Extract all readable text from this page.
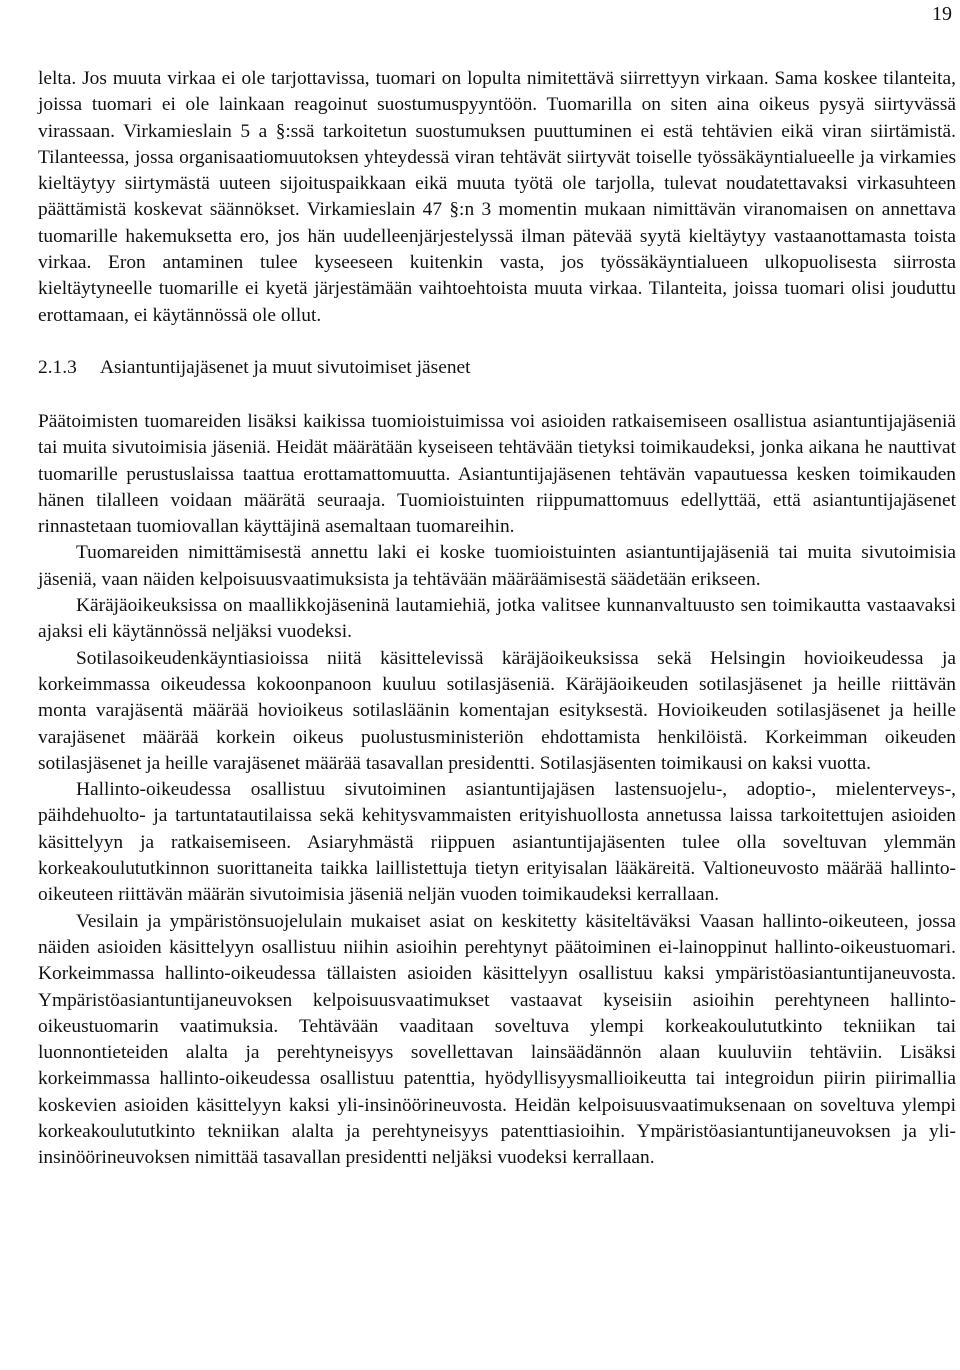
19

lelta. Jos muuta virkaa ei ole tarjottavissa, tuomari on lopulta nimitettävä siirrettyyn virkaan. Sama koskee tilanteita, joissa tuomari ei ole lainkaan reagoinut suostumuspyyntöön. Tuomarilla on siten aina oikeus pysyä siirtyvässä virassaan. Virkamieslain 5 a §:ssä tarkoitetun suostumuksen puuttuminen ei estä tehtävien eikä viran siirtämistä. Tilanteessa, jossa organisaatiomuutoksen yhteydessä viran tehtävät siirtyvät toiselle työssäkäyntialueelle ja virkamies kieltäytyy siirtymästä uuteen sijoituspaikkaan eikä muuta työtä ole tarjolla, tulevat noudatettavaksi virkasuhteen päättämistä koskevat säännökset. Virkamieslain 47 §:n 3 momentin mukaan nimittävän viranomaisen on annettava tuomarille hakemuksetta ero, jos hän uudelleenjärjestelyssä ilman pätevää syytä kieltäytyy vastaanottamasta toista virkaa. Eron antaminen tulee kyseeseen kuitenkin vasta, jos työssäkäyntialueen ulkopuolisesta siirrosta kieltäytyneelle tuomarille ei kyetä järjestämään vaihtoehtoista muuta virkaa. Tilanteita, joissa tuomari olisi jouduttu erottamaan, ei käytännössä ole ollut.

2.1.3	Asiantuntijajäsenet ja muut sivutoimiset jäsenet

Päätoimisten tuomareiden lisäksi kaikissa tuomioistuimissa voi asioiden ratkaisemiseen osallistua asiantuntijajäseniä tai muita sivutoimisia jäseniä. Heidät määrätään kyseiseen tehtävään tietyksi toimikaudeksi, jonka aikana he nauttivat tuomarille perustuslaissa taattua erottamattomuutta. Asiantuntijajäsenen tehtävän vapautuessa kesken toimikauden hänen tilalleen voidaan määrätä seuraaja. Tuomioistuinten riippumattomuus edellyttää, että asiantuntijajäsenet rinnastetaan tuomiovallan käyttäjinä asemaltaan tuomareihin.

Tuomareiden nimittämisestä annettu laki ei koske tuomioistuinten asiantuntijajäseniä tai muita sivutoimisia jäseniä, vaan näiden kelpoisuusvaatimuksista ja tehtävään määräämisestä säädetään erikseen.

Käräjäoikeuksissa on maallikkojäseninä lautamiehiä, jotka valitsee kunnanvaltuusto sen toimikautta vastaavaksi ajaksi eli käytännössä neljäksi vuodeksi.

Sotilasoikeudenkäyntiasioissa niitä käsittelevissä käräjäoikeuksissa sekä Helsingin hovioikeudessa ja korkeimmassa oikeudessa kokoonpanoon kuuluu sotilasjäseniä. Käräjäoikeuden sotilasjäsenet ja heille riittävän monta varajäsentä määrää hovioikeus sotilasläänin komentajan esityksestä. Hovioikeuden sotilasjäsenet ja heille varajäsenet määrää korkein oikeus puolustusministeriön ehdottamista henkilöistä. Korkeimman oikeuden sotilasjäsenet ja heille varajäsenet määrää tasavallan presidentti. Sotilasjäsenten toimikausi on kaksi vuotta.

Hallinto-oikeudessa osallistuu sivutoiminen asiantuntijajäsen lastensuojelu-, adoptio-, mielenterveys-, päihdehuolto- ja tartuntatautilaissa sekä kehitysvammaisten erityishuollosta annetussa laissa tarkoitettujen asioiden käsittelyyn ja ratkaisemiseen. Asiaryhmästä riippuen asiantuntijajäsenten tulee olla soveltuvan ylemmän korkeakoulututkinnon suorittaneita taikka laillistettuja tietyn erityisalan lääkäreitä. Valtioneuvosto määrää hallinto-oikeuteen riittävän määrän sivutoimisia jäseniä neljän vuoden toimikaudeksi kerrallaan.

Vesilain ja ympäristönsuojelulain mukaiset asiat on keskitetty käsiteltäväksi Vaasan hallinto-oikeuteen, jossa näiden asioiden käsittelyyn osallistuu niihin asioihin perehtynyt päätoiminen ei-lainoppinut hallinto-oikeustuomari. Korkeimmassa hallinto-oikeudessa tällaisten asioiden käsittelyyn osallistuu kaksi ympäristöasiantuntijaneuvosta. Ympäristöasiantuntijaneuvoksen kelpoisuusvaatimukset vastaavat kyseisiin asioihin perehtyneen hallinto-oikeustuomarin vaatimuksia. Tehtävään vaaditaan soveltuva ylempi korkeakoulututkinto tekniikan tai luonnontieteiden alalta ja perehtyneisyys sovellettavan lainsäädännön alaan kuuluviin tehtäviin. Lisäksi korkeimmassa hallinto-oikeudessa osallistuu patenttia, hyödyllisyysmallioikeutta tai integroidun piirin piirimallia koskevien asioiden käsittelyyn kaksi yli-insinöörineuvosta. Heidän kelpoisuusvaatimuksenaan on soveltuva ylempi korkeakoulututkinto tekniikan alalta ja perehtyneisyys patenttiasioihin. Ympäristöasiantuntijaneuvoksen ja yli-insinöörineuvoksen nimittää tasavallan presidentti neljäksi vuodeksi kerrallaan.
